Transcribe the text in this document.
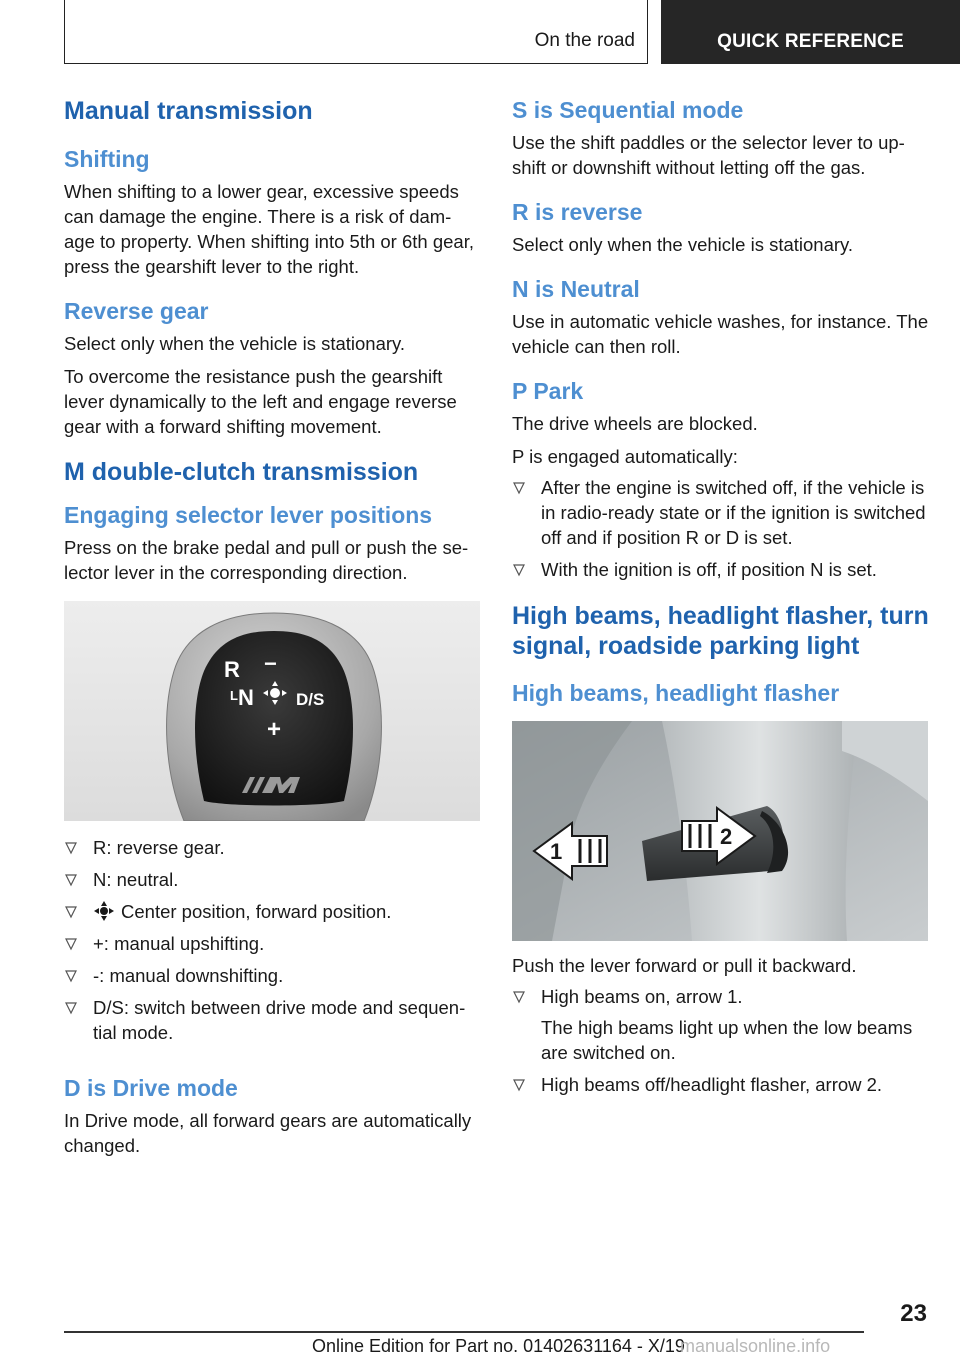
On the road	QUICK REFERENCE
Manual transmission
Shifting

When shifting to a lower gear, excessive speeds can damage the engine. There is a risk of dam-age to property. When shifting into 5th or 6th gear, press the gearshift lever to the right.

Reverse gear

Select only when the vehicle is stationary.

To overcome the resistance push the gearshift lever dynamically to the left and engage reverse gear with a forward shifting movement.

M double-clutch transmission
Engaging selector lever positions

Press on the brake pedal and pull or push the se-lector lever in the corresponding direction.

R −
L N D/S
+
R: reverse gear.
N: neutral.
Center position, forward position.
+: manual upshifting.
-: manual downshifting.
D/S: switch between drive mode and sequen-tial mode.
D is Drive mode

In Drive mode, all forward gears are automatically changed.

S is Sequential mode

Use the shift paddles or the selector lever to up-shift or downshift without letting off the gas.

R is reverse

Select only when the vehicle is stationary.

N is Neutral

Use in automatic vehicle washes, for instance. The vehicle can then roll.

P Park

The drive wheels are blocked.

P is engaged automatically:

After the engine is switched off, if the vehicle is in radio-ready state or if the ignition is switched off and if position R or D is set.
With the ignition is off, if position N is set.
High beams, headlight flasher, turn signal, roadside parking light
High beams, headlight flasher
1
2

Push the lever forward or pull it backward.

High beams on, arrow 1.
The high beams light up when the low beams are switched on.
High beams off/headlight flasher, arrow 2.
23
Online Edition for Part no. 01402631164 - X/19
manualsonline.info
